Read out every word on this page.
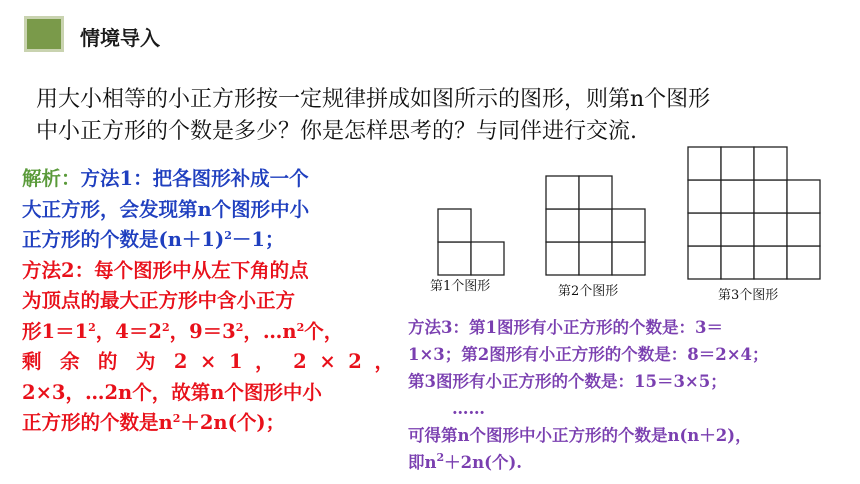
情境导入
用大小相等的小正方形按一定规律拼成如图所示的图形，则第n个图形
中小正方形的个数是多少？你是怎样思考的？与同伴进行交流.
解析：方法1：把各图形补成一个
大正方形，会发现第n个图形中小
正方形的个数是$(n+1)^2-1$；
方法2：每个图形中从左下角的点
为顶点的最大正方形中含小正方
形$1=1^2$，$4=2^2$，$9=3^2$，$\dots n^2$个，
剩 余 的 为 2 × 1 ， 2 × 2 ，
2×3，…2n个，故第n个图形中小
正方形的个数是$n^2+2n$(个)；
第1个图形	第2个图形	第3个图形
方法3：第1图形有小正方形的个数是：3＝
1×3；第2图形有小正方形的个数是：8＝2×4；
第3图形有小正方形的个数是：15＝3×5；
……
可得第n个图形中小正方形的个数是n(n＋2)，
即$n^2+2n$(个).
